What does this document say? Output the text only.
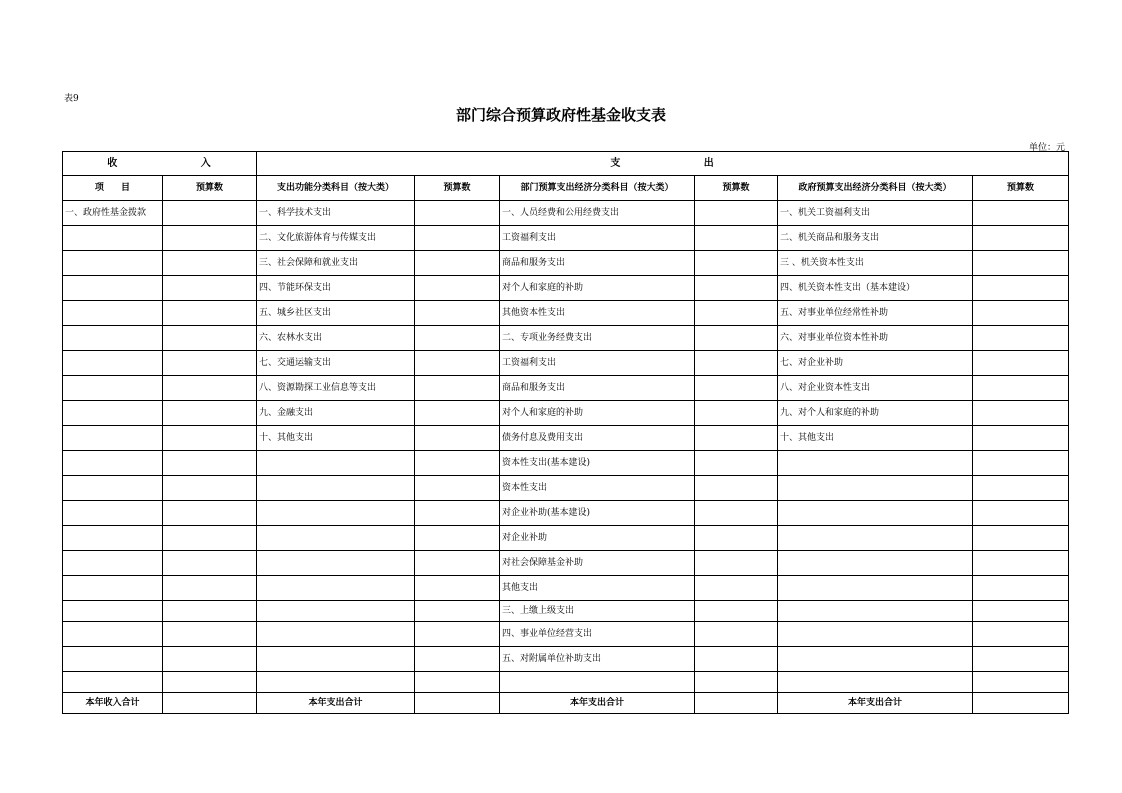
表9
部门综合预算政府性基金收支表
单位：元
收 入		支 出					
项 目	预算数	支出功能分类科目（按大类）	预算数	部门预算支出经济分类科目（按大类）	预算数	政府预算支出经济分类科目（按大类）	预算数
一、政府性基金拨款		一、科学技术支出		一、人员经费和公用经费支出		一、机关工资福利支出	
		二、文化旅游体育与传媒支出		工资福利支出		二、机关商品和服务支出	
		三、社会保障和就业支出		商品和服务支出		三 、机关资本性支出	
		四、节能环保支出		对个人和家庭的补助		四、机关资本性支出（基本建设）	
		五、城乡社区支出		其他资本性支出		五、对事业单位经常性补助	
		六、农林水支出		二、专项业务经费支出		六、对事业单位资本性补助	
		七、交通运输支出		工资福利支出		七、对企业补助	
		八、资源勘探工业信息等支出		商品和服务支出		八、对企业资本性支出	
		九、金融支出		对个人和家庭的补助		九、对个人和家庭的补助	
		十、其他支出		债务付息及费用支出		十、其他支出	
				资本性支出(基本建设)			
				资本性支出			
				对企业补助(基本建设)			
				对企业补助			
				对社会保障基金补助			
				其他支出			
				三、上缴上级支出			
				四、事业单位经营支出			
				五、对附属单位补助支出			

本年收入合计		本年支出合计		本年支出合计		本年支出合计	
